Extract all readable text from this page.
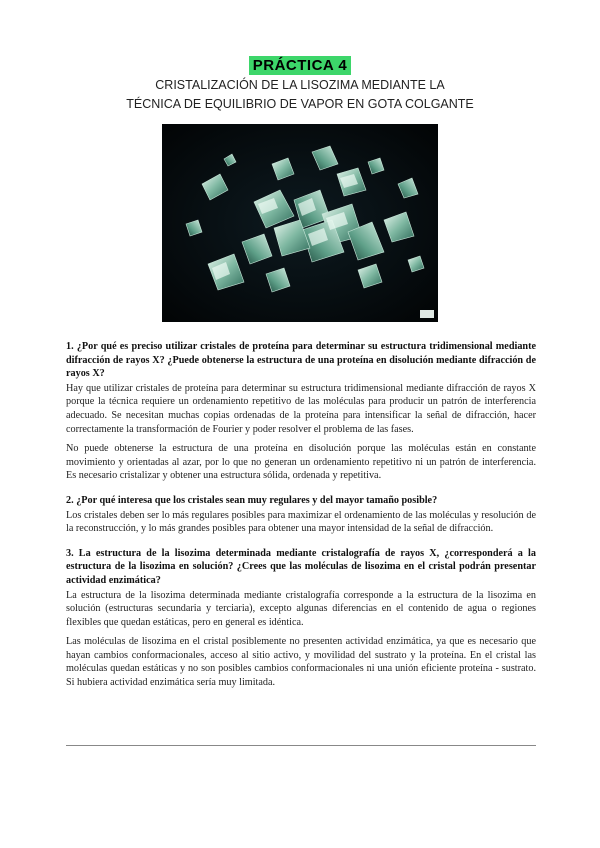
PRÁCTICA 4
CRISTALIZACIÓN DE LA LISOZIMA MEDIANTE LA
TÉCNICA DE EQUILIBRIO DE VAPOR EN GOTA COLGANTE

1. ¿Por qué es preciso utilizar cristales de proteína para determinar su estructura tridimensional mediante difracción de rayos X? ¿Puede obtenerse la estructura de una proteína en disolución mediante difracción de rayos X?

Hay que utilizar cristales de proteína para determinar su estructura tridimensional mediante difracción de rayos X porque la técnica requiere un ordenamiento repetitivo de las moléculas para producir un patrón de interferencia adecuado. Se necesitan muchas copias ordenadas de la proteína para intensificar la señal de difracción, hacer correctamente la transformación de Fourier y poder resolver el problema de las fases.

No puede obtenerse la estructura de una proteína en disolución porque las moléculas están en constante movimiento y orientadas al azar, por lo que no generan un ordenamiento repetitivo ni un patrón de interferencia. Es necesario cristalizar y obtener una estructura sólida, ordenada y repetitiva.

2. ¿Por qué interesa que los cristales sean muy regulares y del mayor tamaño posible?

Los cristales deben ser lo más regulares posibles para maximizar el ordenamiento de las moléculas y resolución de la reconstrucción, y lo más grandes posibles para obtener una mayor intensidad de la señal de difracción.

3. La estructura de la lisozima determinada mediante cristalografía de rayos X, ¿corresponderá a la estructura de la lisozima en solución? ¿Crees que las moléculas de lisozima en el cristal podrán presentar actividad enzimática?

La estructura de la lisozima determinada mediante cristalografía corresponde a la estructura de la lisozima en solución (estructuras secundaria y terciaria), excepto algunas diferencias en el contenido de agua o regiones flexibles que quedan estáticas, pero en general es idéntica.

Las moléculas de lisozima en el cristal posiblemente no presenten actividad enzimática, ya que es necesario que hayan cambios conformacionales, acceso al sitio activo, y movilidad del sustrato y la proteína. En el cristal las moléculas quedan estáticas y no son posibles cambios conformacionales ni una unión eficiente proteína - sustrato. Si hubiera actividad enzimática sería muy limitada.
